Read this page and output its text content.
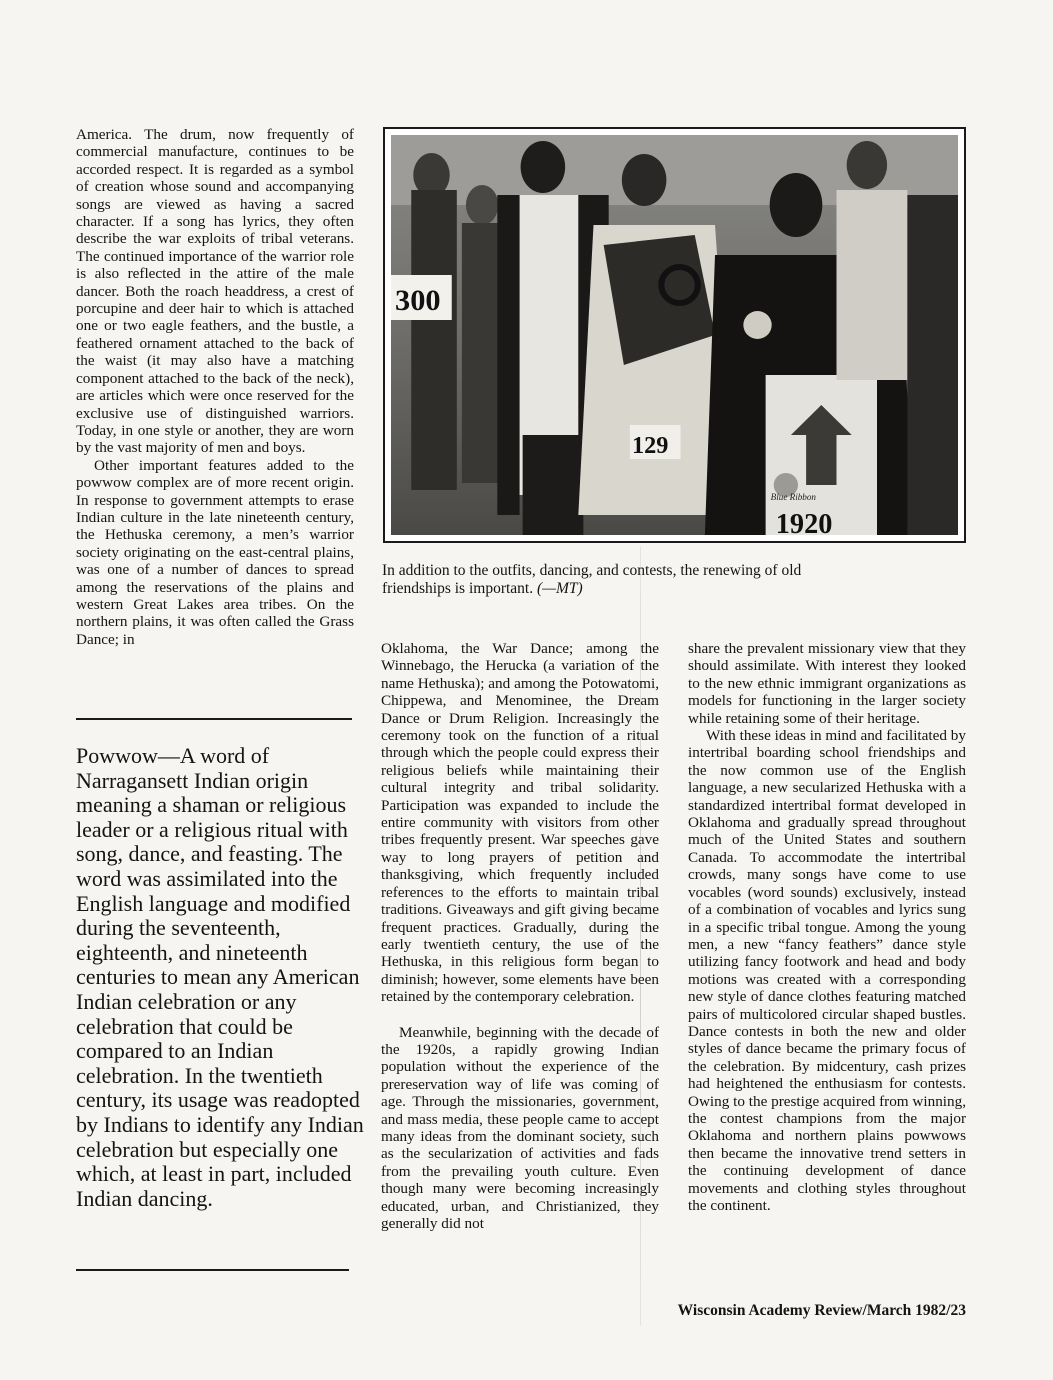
America. The drum, now frequently of commercial manufacture, continues to be accorded respect. It is regarded as a symbol of creation whose sound and accompanying songs are viewed as having a sacred character. If a song has lyrics, they often describe the war exploits of tribal veterans. The continued importance of the warrior role is also reflected in the attire of the male dancer. Both the roach headdress, a crest of porcupine and deer hair to which is attached one or two eagle feathers, and the bustle, a feathered ornament attached to the back of the waist (it may also have a matching component attached to the back of the neck), are articles which were once reserved for the exclusive use of distinguished warriors. Today, in one style or another, they are worn by the vast majority of men and boys.

Other important features added to the powwow complex are of more recent origin. In response to government attempts to erase Indian culture in the late nineteenth century, the Hethuska ceremony, a men’s warrior society originating on the east-central plains, was one of a number of dances to spread among the reservations of the plains and western Great Lakes area tribes. On the northern plains, it was often called the Grass Dance; in

Powwow—A word of Narragansett Indian origin meaning a shaman or religious leader or a religious ritual with song, dance, and feasting. The word was assimilated into the English language and modified during the seventeenth, eighteenth, and nineteenth centuries to mean any American Indian celebration or any celebration that could be compared to an Indian celebration. In the twentieth century, its usage was readopted by Indians to identify any Indian celebration but especially one which, at least in part, included Indian dancing.
300
129
Blue Ribbon
1920
In addition to the outfits, dancing, and contests, the renewing of old friendships is important. (—MT)

Oklahoma, the War Dance; among the Winnebago, the Herucka (a variation of the name Hethuska); and among the Potowatomi, Chippewa, and Menominee, the Dream Dance or Drum Religion. Increasingly the ceremony took on the function of a ritual through which the people could express their religious beliefs while maintaining their cultural integrity and tribal solidarity. Participation was expanded to include the entire community with visitors from other tribes frequently present. War speeches gave way to long prayers of petition and thanksgiving, which frequently included references to the efforts to maintain tribal traditions. Giveaways and gift giving became frequent practices. Gradually, during the early twentieth century, the use of the Hethuska, in this religious form began to diminish; however, some elements have been retained by the contemporary celebration.

Meanwhile, beginning with the decade of the 1920s, a rapidly growing Indian population without the experience of the prereservation way of life was coming of age. Through the missionaries, government, and mass media, these people came to accept many ideas from the dominant society, such as the secularization of activities and fads from the prevailing youth culture. Even though many were becoming increasingly educated, urban, and Christianized, they generally did not

share the prevalent missionary view that they should assimilate. With interest they looked to the new ethnic immigrant organizations as models for functioning in the larger society while retaining some of their heritage.

With these ideas in mind and facilitated by intertribal boarding school friendships and the now common use of the English language, a new secularized Hethuska with a standardized intertribal format developed in Oklahoma and gradually spread throughout much of the United States and southern Canada. To accommodate the intertribal crowds, many songs have come to use vocables (word sounds) exclusively, instead of a combination of vocables and lyrics sung in a specific tribal tongue. Among the young men, a new “fancy feathers” dance style utilizing fancy footwork and head and body motions was created with a corresponding new style of dance clothes featuring matched pairs of multicolored circular shaped bustles. Dance contests in both the new and older styles of dance became the primary focus of the celebration. By midcentury, cash prizes had heightened the enthusiasm for contests. Owing to the prestige acquired from winning, the contest champions from the major Oklahoma and northern plains powwows then became the innovative trend setters in the continuing development of dance movements and clothing styles throughout the continent.

Wisconsin Academy Review/March 1982/23
